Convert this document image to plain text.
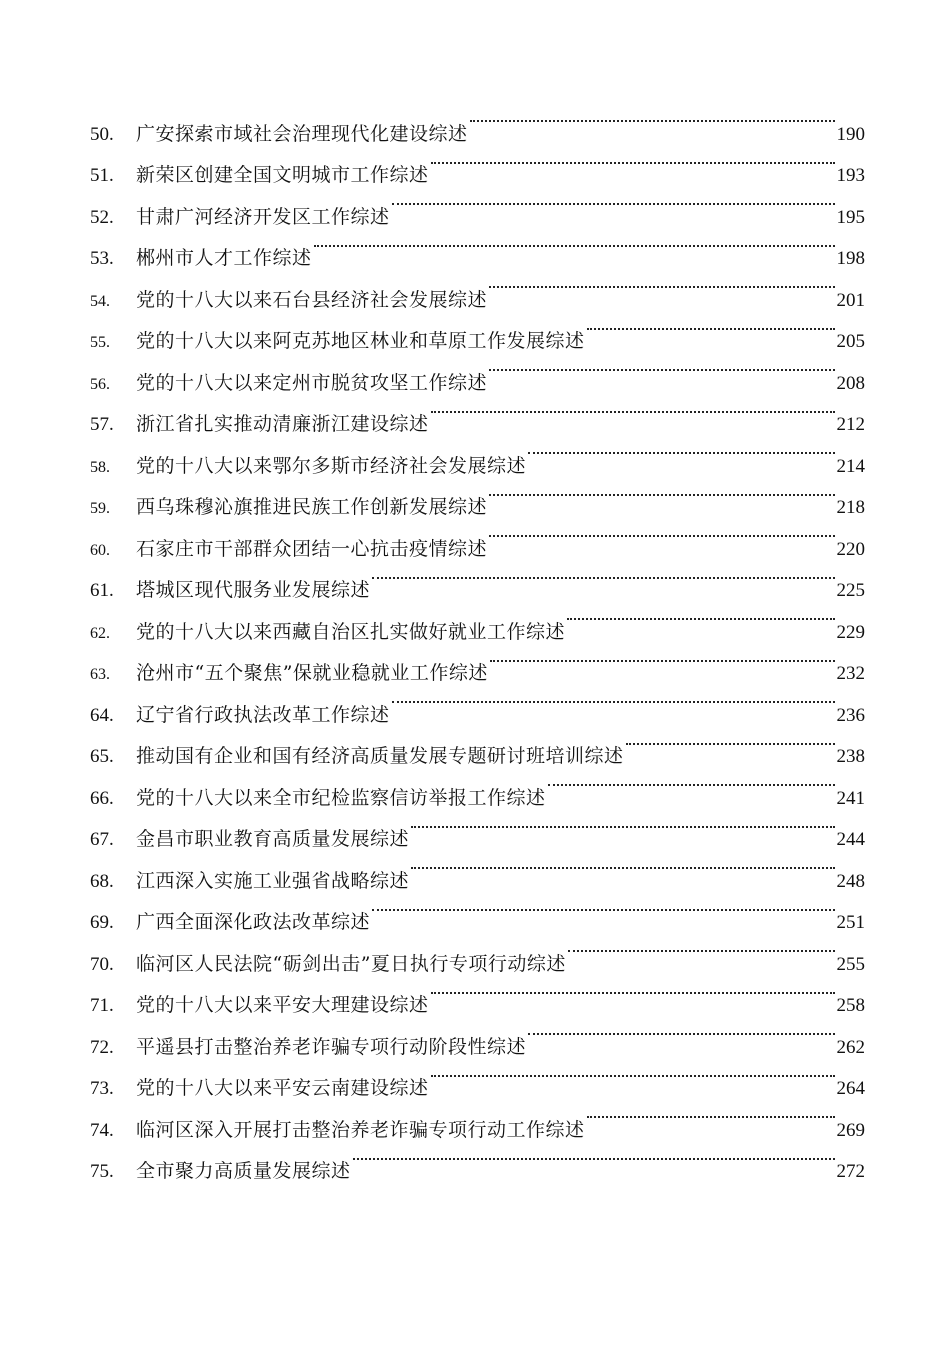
50.	广安探索市域社会治理现代化建设综述	190
51.	新荣区创建全国文明城市工作综述	193
52.	甘肃广河经济开发区工作综述	195
53.	郴州市人才工作综述	198
54.	党的十八大以来石台县经济社会发展综述	201
55.	党的十八大以来阿克苏地区林业和草原工作发展综述	205
56.	党的十八大以来定州市脱贫攻坚工作综述	208
57.	浙江省扎实推动清廉浙江建设综述	212
58.	党的十八大以来鄂尔多斯市经济社会发展综述	214
59.	西乌珠穆沁旗推进民族工作创新发展综述	218
60.	石家庄市干部群众团结一心抗击疫情综述	220
61.	塔城区现代服务业发展综述	225
62.	党的十八大以来西藏自治区扎实做好就业工作综述	229
63.	沧州市“五个聚焦”保就业稳就业工作综述	232
64.	辽宁省行政执法改革工作综述	236
65.	推动国有企业和国有经济高质量发展专题研讨班培训综述	238
66.	党的十八大以来全市纪检监察信访举报工作综述	241
67.	金昌市职业教育高质量发展综述	244
68.	江西深入实施工业强省战略综述	248
69.	广西全面深化政法改革综述	251
70.	临河区人民法院“砺剑出击”夏日执行专项行动综述	255
71.	党的十八大以来平安大理建设综述	258
72.	平遥县打击整治养老诈骗专项行动阶段性综述	262
73.	党的十八大以来平安云南建设综述	264
74.	临河区深入开展打击整治养老诈骗专项行动工作综述	269
75.	全市聚力高质量发展综述	272
